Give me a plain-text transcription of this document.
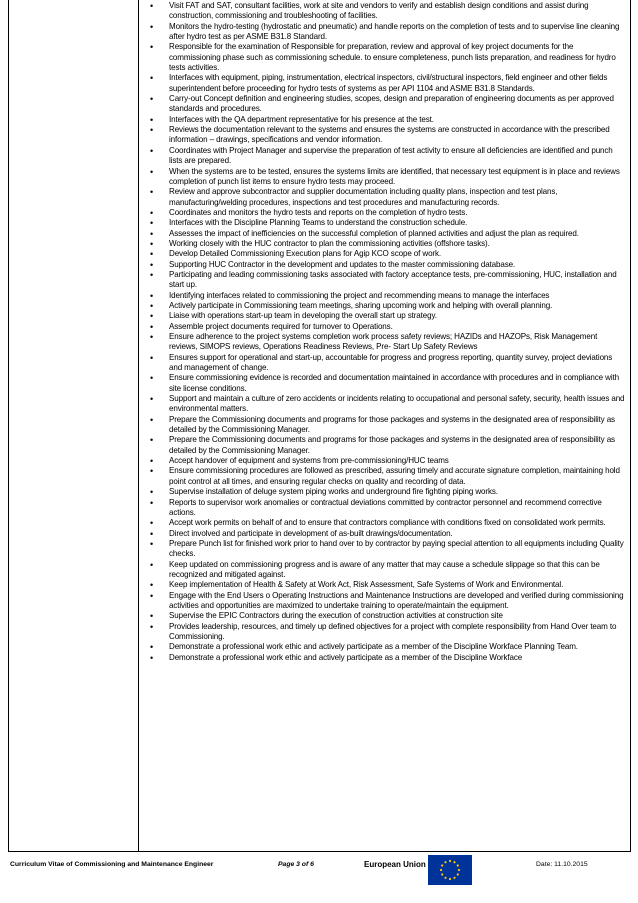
• Visit FAT and SAT, consultant facilities, work at site and vendors to verify and establish design conditions and assist during construction, commissioning and troubleshooting of facilities.
• Monitors the hydro-testing (hydrostatic and pneumatic) and handle reports on the completion of tests and to supervise line cleaning after hydro test as per ASME B31.8 Standard.
• Responsible for the examination of Responsible for preparation, review and approval of key project documents for the commissioning phase such as commissioning schedule. to ensure completeness, punch lists preparation, and readiness for hydro tests activities.
• Interfaces with equipment, piping, instrumentation, electrical inspectors, civil/structural inspectors, field engineer and other fields superintendent before proceeding for hydro tests of systems as per API 1104 and ASME B31.8 Standards.
• Carry-out Concept definition and engineering studies, scopes, design and preparation of engineering documents as per approved standards and procedures.
• Interfaces with the QA department representative for his presence at the test.
• Reviews the documentation relevant to the systems and ensures the systems are constructed in accordance with the prescribed information – drawings, specifications and vendor information.
• Coordinates with Project Manager and supervise the preparation of test activity to ensure all deficiencies are identified and punch lists are prepared.
• When the systems are to be tested, ensures the systems limits are identified, that necessary test equipment is in place and reviews completion of punch list items to ensure hydro tests may proceed.
• Review and approve subcontractor and supplier documentation including quality plans, inspection and test plans, manufacturing/welding procedures, inspections and test procedures and manufacturing records.
• Coordinates and monitors the hydro tests and reports on the completion of hydro tests.
• Interfaces with the Discipline Planning Teams to understand the construction schedule.
• Assesses the impact of inefficiencies on the successful completion of planned activities and adjust the plan as required.
• Working closely with the HUC contractor to plan the commissioning activities (offshore tasks).
• Develop Detailed Commissioning Execution plans for Agip KCO scope of work.
• Supporting HUC Contractor in the development and updates to the master commissioning database.
• Participating and leading commissioning tasks associated with factory acceptance tests, pre-commissioning, HUC, installation and start up.
• Identifying interfaces related to commissioning the project and recommending means to manage the interfaces
• Actively participate in Commissioning team meetings, sharing upcoming work and helping with overall planning.
• Liaise with operations start-up team in developing the overall start up strategy.
• Assemble project documents required for turnover to Operations.
• Ensure adherence to the project systems completion work process safety reviews; HAZIDs and HAZOPs, Risk Management reviews, SIMOPS reviews, Operations Readiness Reviews, Pre- Start Up Safety Reviews
• Ensures support for operational and start-up, accountable for progress and progress reporting, quantity survey, project deviations and management of change.
• Ensure commissioning evidence is recorded and documentation maintained in accordance with procedures and in compliance with site license conditions.
• Support and maintain a culture of zero accidents or incidents relating to occupational and personal safety, security, health issues and environmental matters.
• Prepare the Commissioning documents and programs for those packages and systems in the designated area of responsibility as detailed by the Commissioning Manager.
• Prepare the Commissioning documents and programs for those packages and systems in the designated area of responsibility as detailed by the Commissioning Manager.
• Accept handover of equipment and systems from pre-commissioning/HUC teams
• Ensure commissioning procedures are followed as prescribed, assuring timely and accurate signature completion, maintaining hold point control at all times, and ensuring regular checks on quality and recording of data.
• Supervise installation of deluge system piping works and underground fire fighting piping works.
• Reports to supervisor work anomalies or contractual deviations committed by contractor personnel and recommend corrective actions.
• Accept work permits on behalf of and to ensure that contractors compliance with conditions fixed on consolidated work permits.
• Direct involved and participate in development of as-built drawings/documentation.
• Prepare Punch list for finished work prior to hand over to by contractor by paying special attention to all equipments including Quality checks.
• Keep updated on commissioning progress and is aware of any matter that may cause a schedule slippage so that this can be recognized and mitigated against.
• Keep implementation of Health & Safety at Work Act, Risk Assessment, Safe Systems of Work and Environmental.
• Engage with the End Users o Operating Instructions and Maintenance Instructions are developed and verified during commissioning activities and opportunities are maximized to undertake training to operate/maintain the equipment.
• Supervise the EPIC Contractors during the execution of construction activities at construction site
• Provides leadership, resources, and timely up defined objectives for a project with complete responsibility from Hand Over team to Commissioning.
• Demonstrate a professional work ethic and actively participate as a member of the Discipline Workface Planning Team.
• Demonstrate a professional work ethic and actively participate as a member of the Discipline Workface
Curriculum Vitae of Commissioning and Maintenance Engineer	Page 3 of 6	European Union	Date: 11.10.2015
